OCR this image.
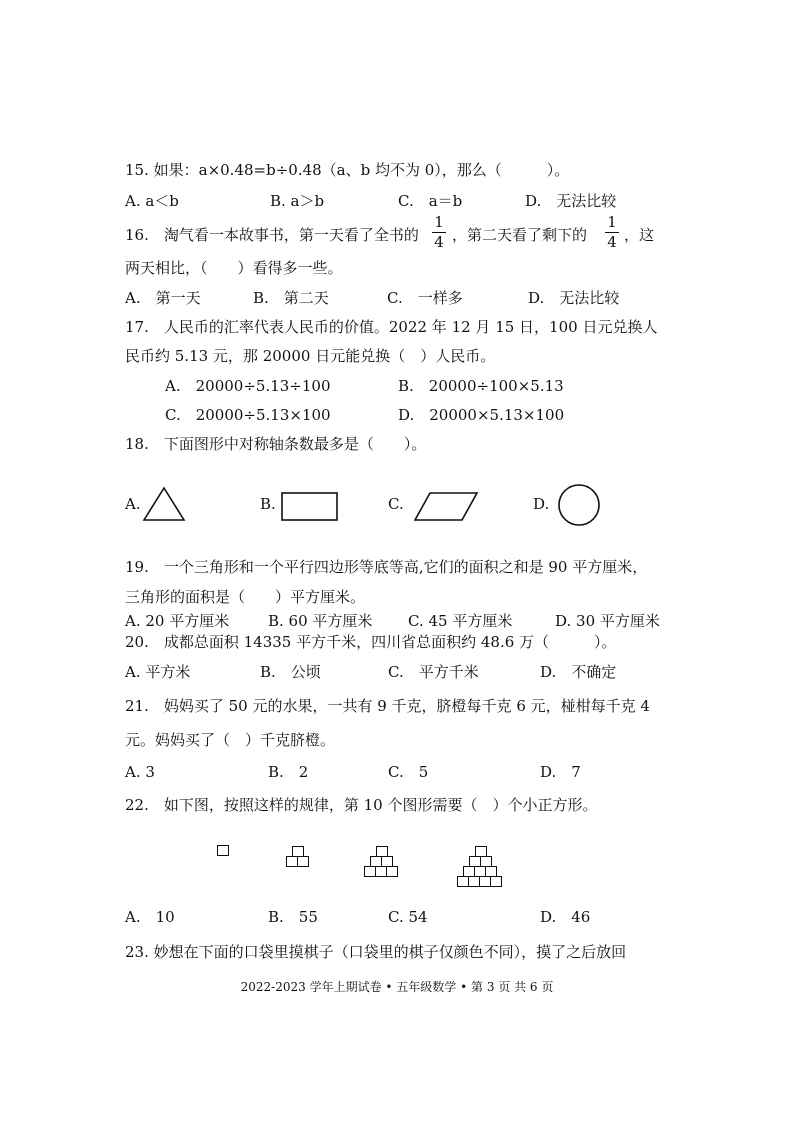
15. 如果：a×0.48=b÷0.48（a、b 均不为 0），那么（　　　）。
A. a＜b	B. a＞b	C.　a＝b	D.　无法比较
16.　淘气看一本故事书，第一天看了全书的
1
4 ，第二天看了剩下的
1
4 ，这
两天相比，（　　）看得多一些。
A.　第一天	B.　第二天	C.　一样多	D.　无法比较
17.　人民币的汇率代表人民币的价值。2022 年 12 月 15 日，100 日元兑换人
民币约 5.13 元，那 20000 日元能兑换（　）人民币。
A.　20000÷5.13÷100	B.　20000÷100×5.13
C.　20000÷5.13×100	D.　20000×5.13×100
18.　下面图形中对称轴条数最多是（　　）。
A.	B.	C.	D.
19.　一个三角形和一个平行四边形等底等高,它们的面积之和是 90 平方厘米，
三角形的面积是（　　）平方厘米。
A. 20 平方厘米	B. 60 平方厘米 C. 45 平方厘米	D. 30 平方厘米
20.　成都总面积 14335 平方千米，四川省总面积约 48.6 万（　　　）。
A. 平方米	B.　公顷	C.　平方千米	D.　不确定
21.　妈妈买了 50 元的水果，一共有 9 千克，脐橙每千克 6 元，椪柑每千克 4
元。妈妈买了（　）千克脐橙。
A. 3	B.　2	C.　5	D.　7
22.　如下图，按照这样的规律，第 10 个图形需要（　）个小正方形。
A.　10	B.　55	C. 54	D.　46
23. 妙想在下面的口袋里摸棋子（口袋里的棋子仅颜色不同），摸了之后放回
2022-2023 学年上期试卷 • 五年级数学 • 第 3 页 共 6 页
